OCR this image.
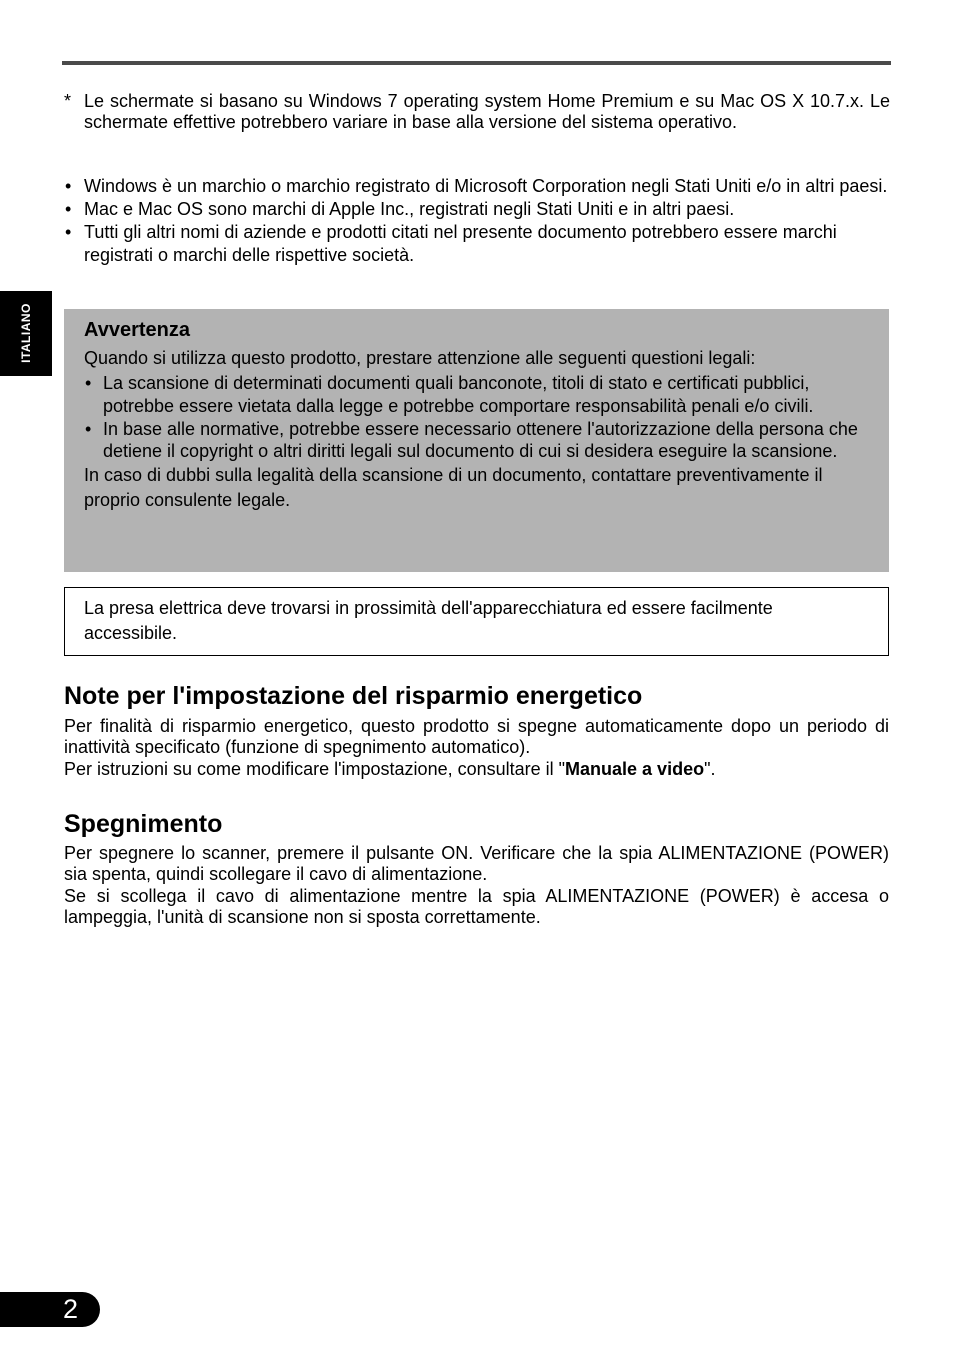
ITALIANO
* Le schermate si basano su Windows 7 operating system Home Premium e su Mac OS X 10.7.x. Le schermate effettive potrebbero variare in base alla versione del sistema operativo.
• Windows è un marchio o marchio registrato di Microsoft Corporation negli Stati Uniti e/o in altri paesi.
• Mac e Mac OS sono marchi di Apple Inc., registrati negli Stati Uniti e in altri paesi.
• Tutti gli altri nomi di aziende e prodotti citati nel presente documento potrebbero essere marchi registrati o marchi delle rispettive società.

Avvertenza

Quando si utilizza questo prodotto, prestare attenzione alle seguenti questioni legali:

• La scansione di determinati documenti quali banconote, titoli di stato e certificati pubblici, potrebbe essere vietata dalla legge e potrebbe comportare responsabilità penali e/o civili.
• In base alle normative, potrebbe essere necessario ottenere l'autorizzazione della persona che detiene il copyright o altri diritti legali sul documento di cui si desidera eseguire la scansione.

In caso di dubbi sulla legalità della scansione di un documento, contattare preventivamente il proprio consulente legale.

La presa elettrica deve trovarsi in prossimità dell'apparecchiatura ed essere facilmente accessibile.
Note per l'impostazione del risparmio energetico

Per finalità di risparmio energetico, questo prodotto si spegne automaticamente dopo un periodo di inattività specificato (funzione di spegnimento automatico).

Per istruzioni su come modificare l'impostazione, consultare il "Manuale a video".

Spegnimento

Per spegnere lo scanner, premere il pulsante ON. Verificare che la spia ALIMENTAZIONE (POWER) sia spenta, quindi scollegare il cavo di alimentazione.

Se si scollega il cavo di alimentazione mentre la spia ALIMENTAZIONE (POWER) è accesa o lampeggia, l'unità di scansione non si sposta correttamente.

2
